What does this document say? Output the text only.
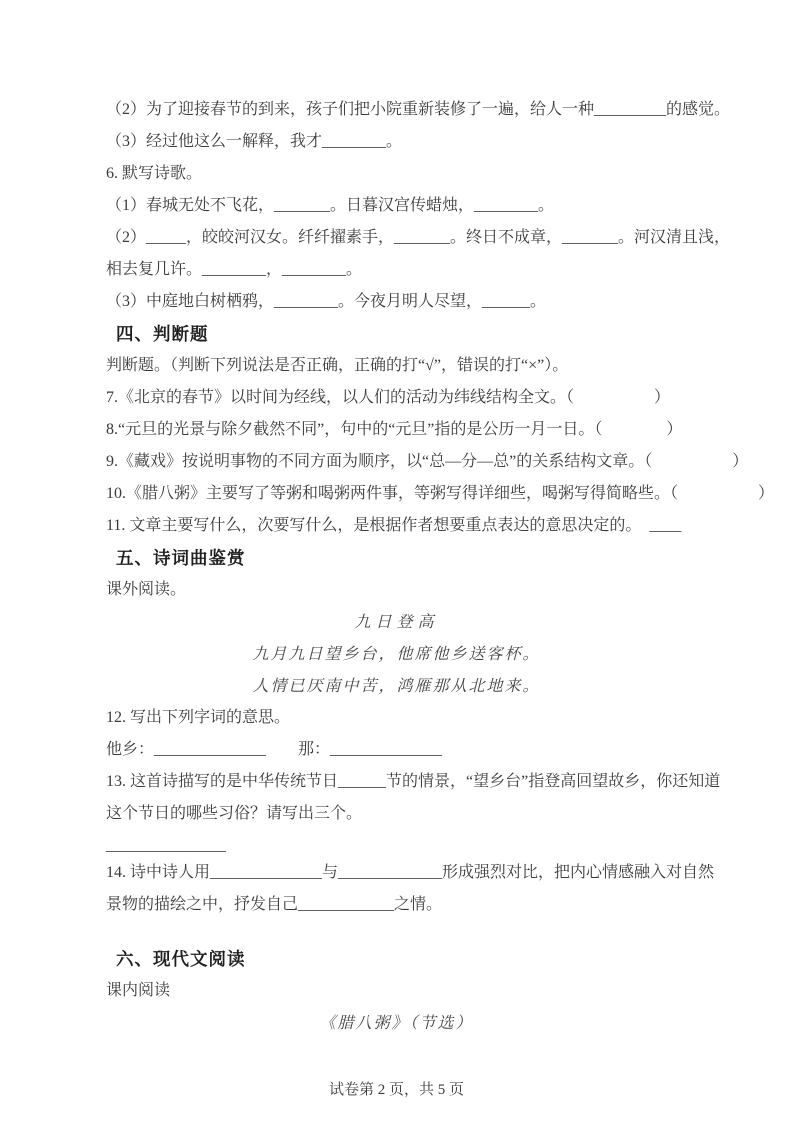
（2）为了迎接春节的到来，孩子们把小院重新装修了一遍，给人一种_________的感觉。

（3）经过他这么一解释，我才________。

6. 默写诗歌。

（1）春城无处不飞花，_______。日暮汉宫传蜡烛，________。

（2）_____，皎皎河汉女。纤纤擢素手，_______。终日不成章，_______。河汉清且浅，

相去复几许。________，________。

（3）中庭地白树栖鸦，________。今夜月明人尽望，______。

四、判断题

判断题。（判断下列说法是否正确，正确的打“√”，错误的打“×”）。

7.《北京的春节》以时间为经线，以人们的活动为纬线结构全文。（　　　　　）

8.“元旦的光景与除夕截然不同”，句中的“元旦”指的是公历一月一日。（　　　　）

9.《藏戏》按说明事物的不同方面为顺序，以“总—分—总”的关系结构文章。（　　　　　）

10.《腊八粥》主要写了等粥和喝粥两件事，等粥写得详细些，喝粥写得简略些。（　　　　　）

11. 文章主要写什么，次要写什么，是根据作者想要重点表达的意思决定的。　____

五、诗词曲鉴赏

课外阅读。

九日登高

九月九日望乡台，他席他乡送客杯。

人情已厌南中苦，鸿雁那从北地来。

12. 写出下列字词的意思。

他乡：______________　　那：______________

13. 这首诗描写的是中华传统节日______节的情景，“望乡台”指登高回望故乡，你还知道

这个节日的哪些习俗？请写出三个。

_______________

14. 诗中诗人用______________与_____________形成强烈对比，把内心情感融入对自然

景物的描绘之中，抒发自己____________之情。

六、现代文阅读

课内阅读

《腊八粥》（节选）

试卷第 2 页，共 5 页
